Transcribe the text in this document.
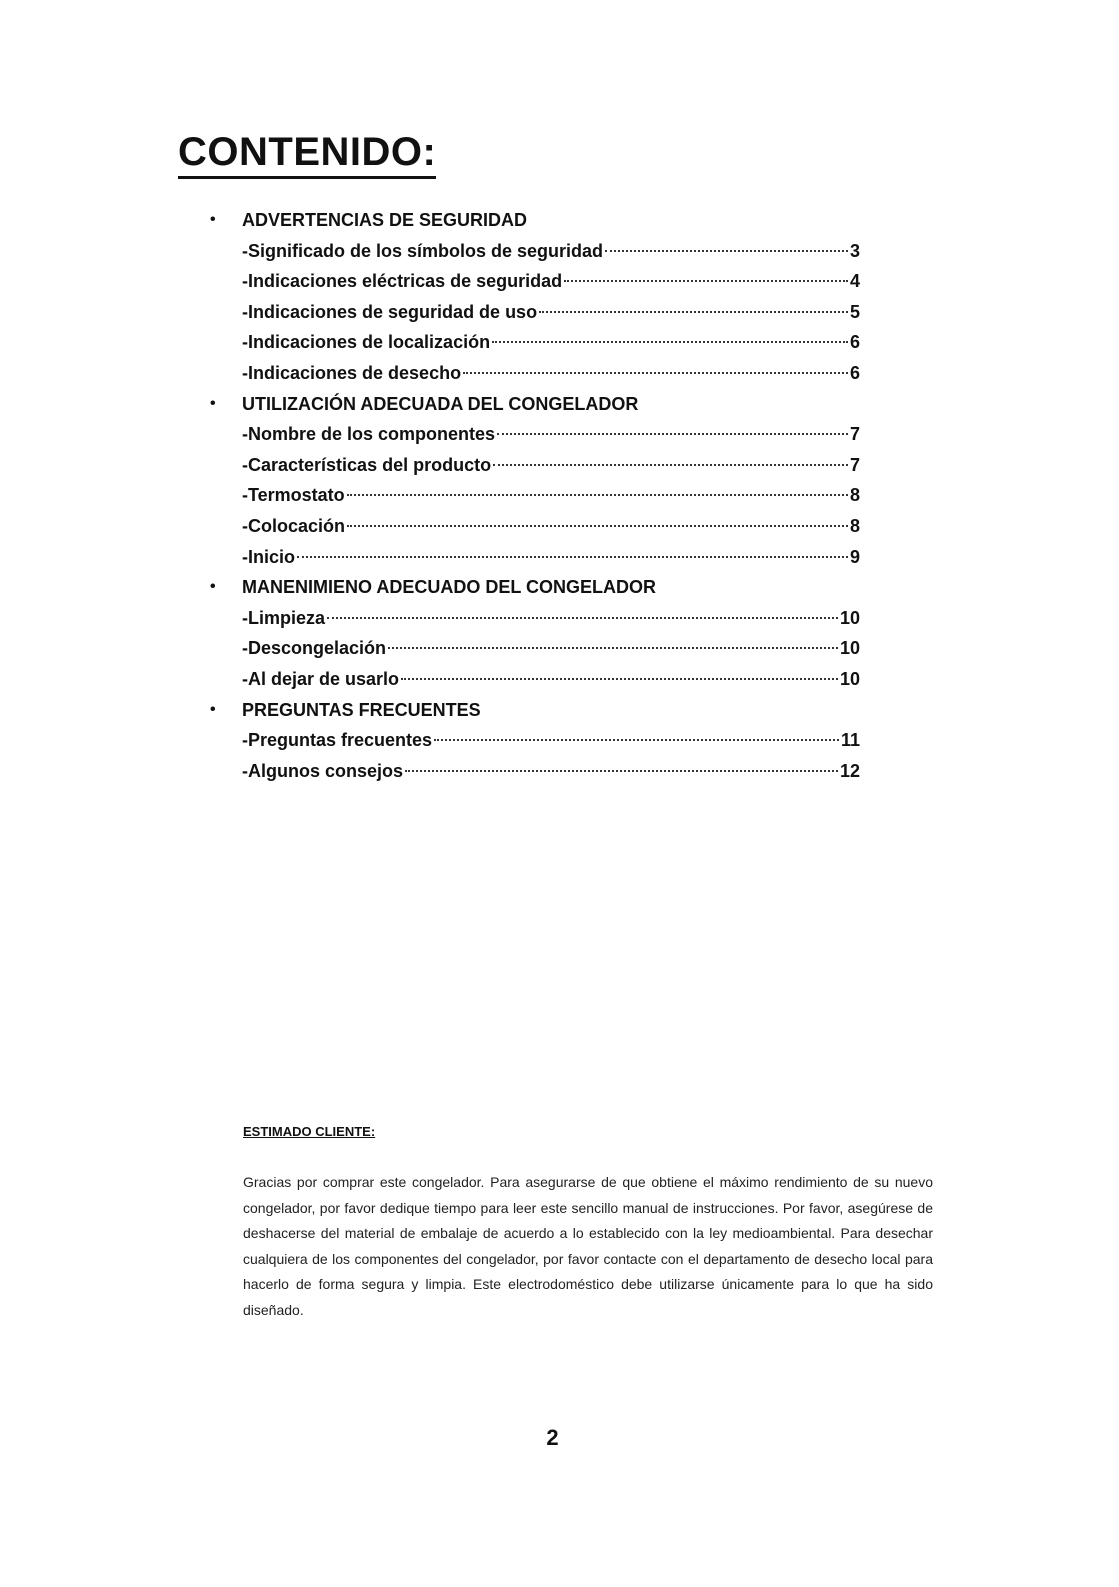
CONTENIDO:
• ADVERTENCIAS DE SEGURIDAD
-Significado de los símbolos de seguridad	3
-Indicaciones eléctricas de seguridad	4
-Indicaciones de seguridad de uso	5
-Indicaciones de localización	6
-Indicaciones de desecho	6
• UTILIZACIÓN ADECUADA DEL CONGELADOR
-Nombre de los componentes	7
-Características del producto	7
-Termostato	8
-Colocación	8
-Inicio	9
• MANENIMIENO ADECUADO DEL CONGELADOR
-Limpieza	10
-Descongelación	10
-Al dejar de usarlo	10
• PREGUNTAS FRECUENTES
-Preguntas frecuentes	11
-Algunos consejos	12
ESTIMADO CLIENTE:

Gracias por comprar este congelador. Para asegurarse de que obtiene el máximo rendimiento de su nuevo congelador, por favor dedique tiempo para leer este sencillo manual de instrucciones. Por favor, asegúrese de deshacerse del material de embalaje de acuerdo a lo establecido con la ley medioambiental. Para desechar cualquiera de los componentes del congelador, por favor contacte con el departamento de desecho local para hacerlo de forma segura y limpia. Este electrodoméstico debe utilizarse únicamente para lo que ha sido diseñado.

2
